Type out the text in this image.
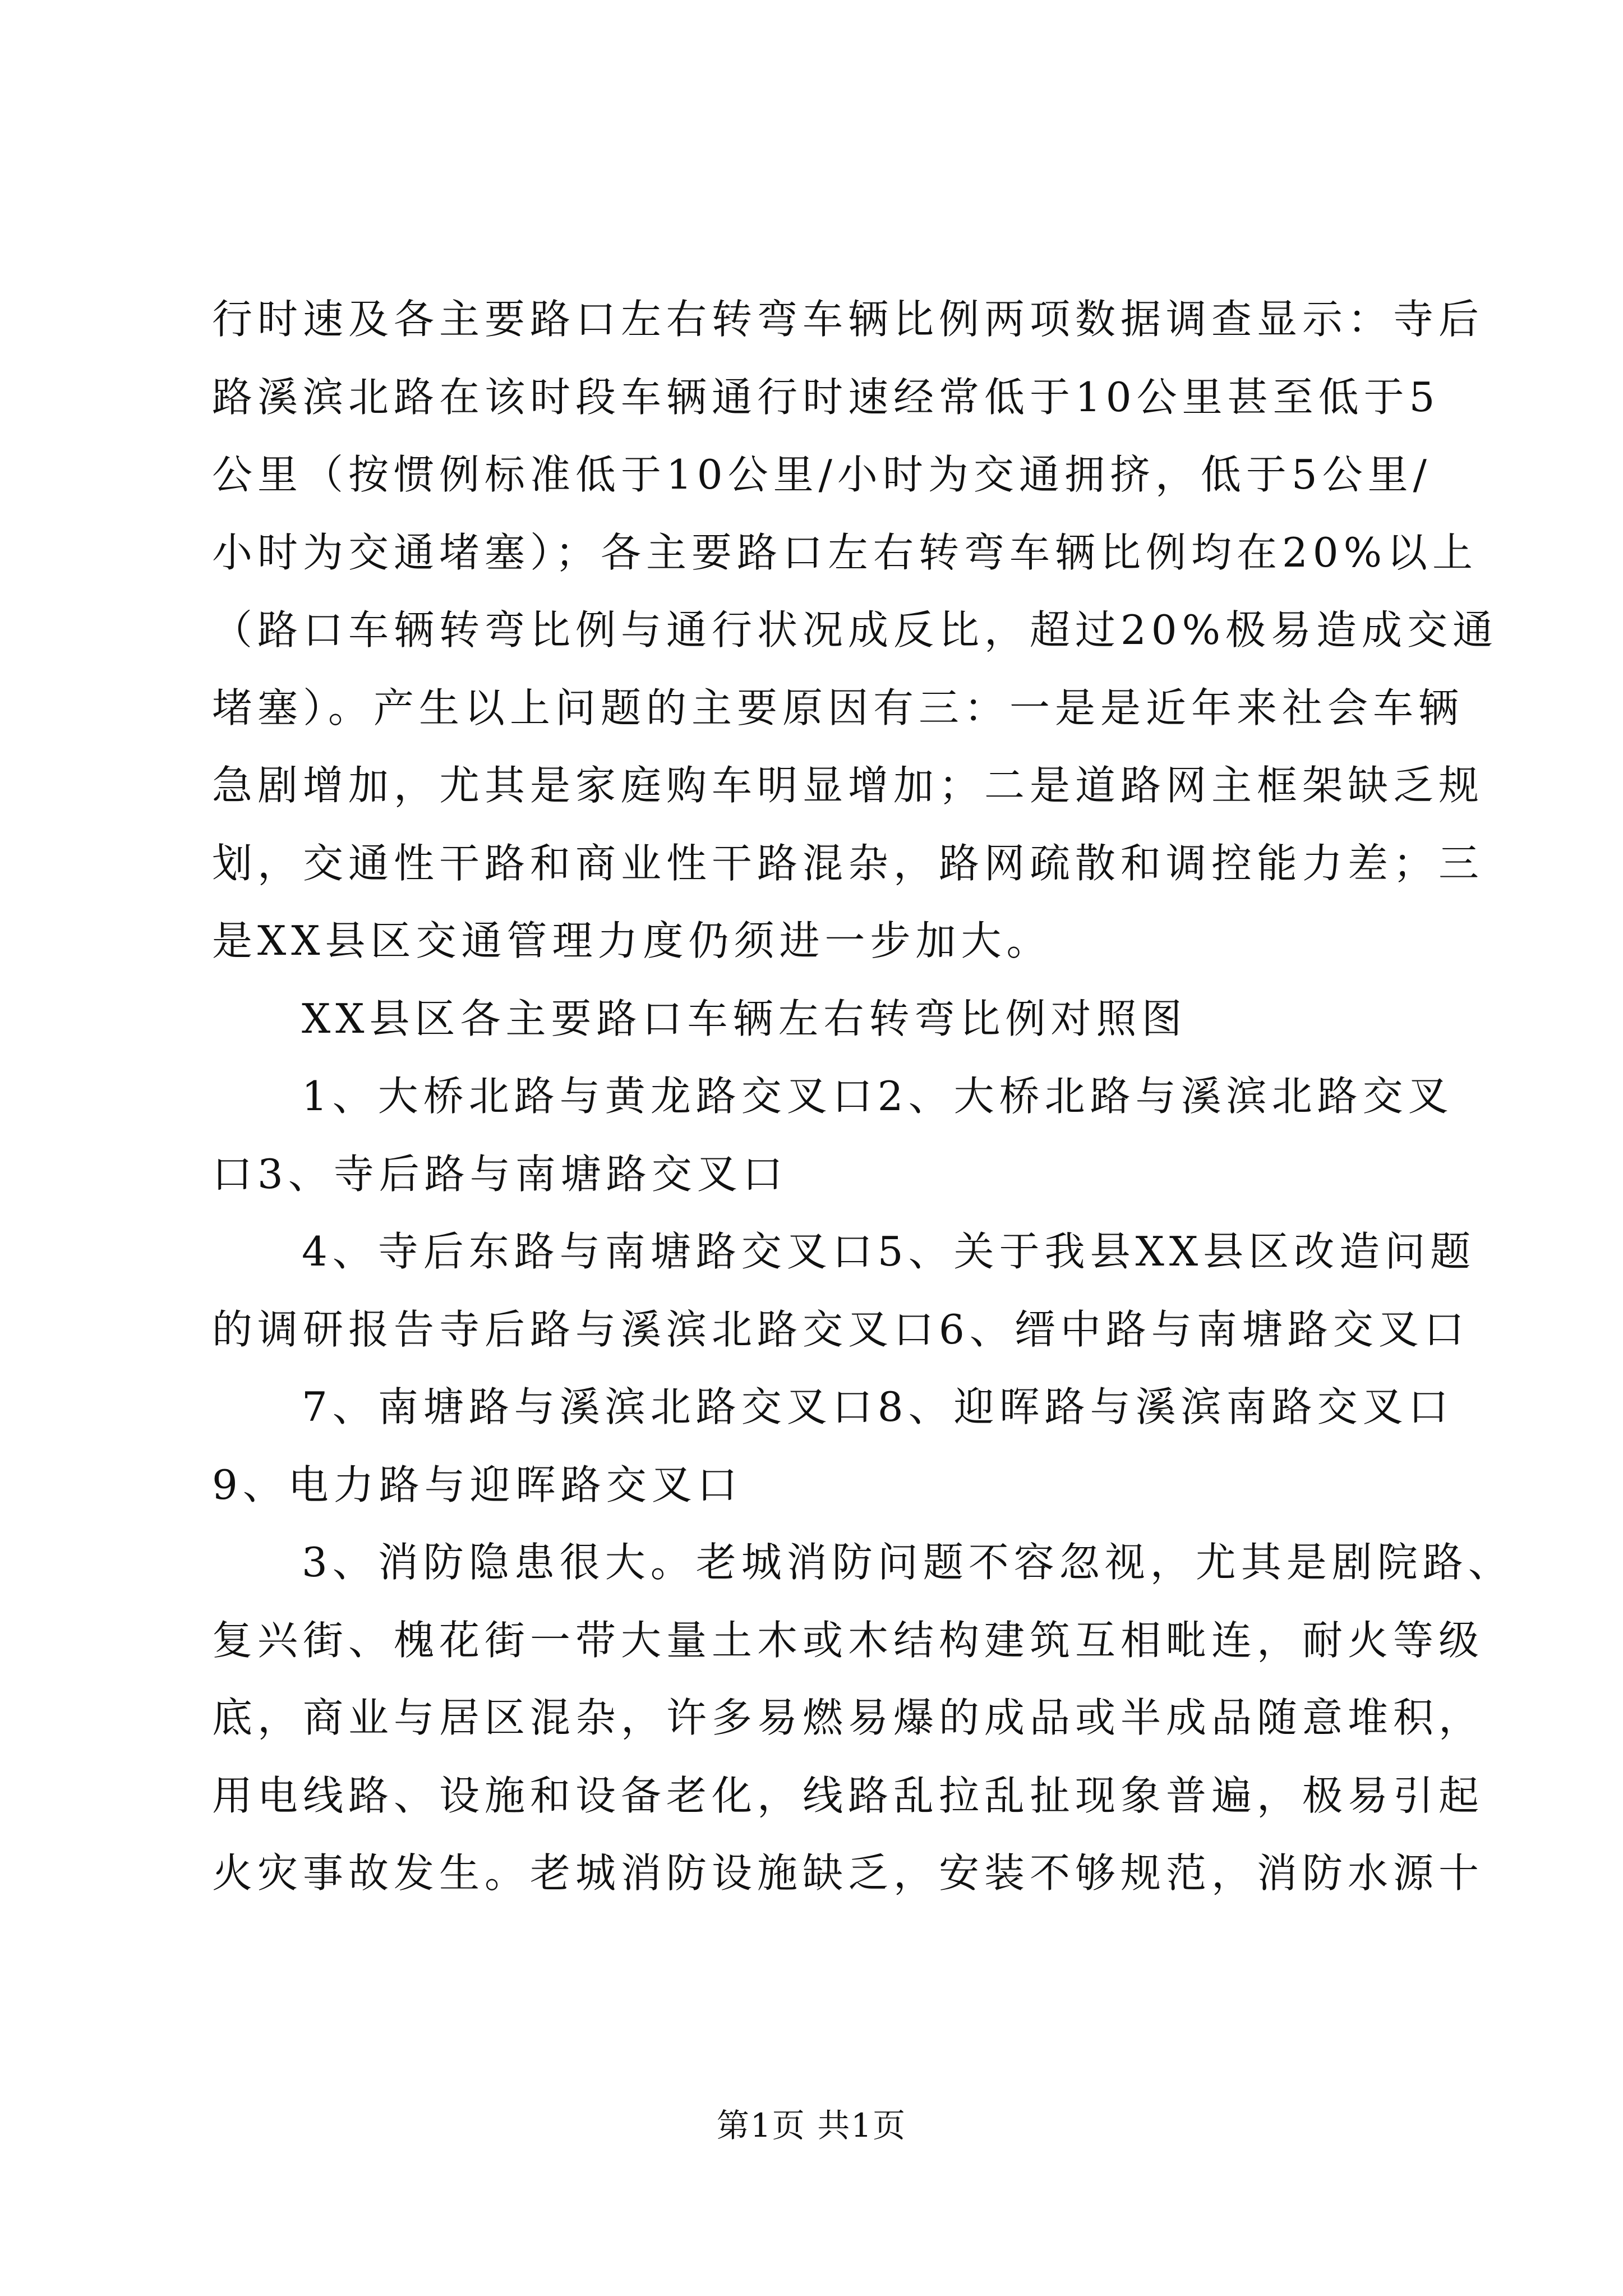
行时速及各主要路口左右转弯车辆比例两项数据调查显示：寺后
路溪滨北路在该时段车辆通行时速经常低于10公里甚至低于5
公里（按惯例标准低于10公里/小时为交通拥挤，低于5公里/
小时为交通堵塞）；各主要路口左右转弯车辆比例均在20%以上
（路口车辆转弯比例与通行状况成反比，超过20%极易造成交通
堵塞）。产生以上问题的主要原因有三：一是是近年来社会车辆
急剧增加，尤其是家庭购车明显增加；二是道路网主框架缺乏规
划，交通性干路和商业性干路混杂，路网疏散和调控能力差；三
是XX县区交通管理力度仍须进一步加大。

XX县区各主要路口车辆左右转弯比例对照图

1、大桥北路与黄龙路交叉口2、大桥北路与溪滨北路交叉
口3、寺后路与南塘路交叉口

4、寺后东路与南塘路交叉口5、关于我县XX县区改造问题
的调研报告寺后路与溪滨北路交叉口6、缙中路与南塘路交叉口

7、南塘路与溪滨北路交叉口8、迎晖路与溪滨南路交叉口
9、电力路与迎晖路交叉口

3、消防隐患很大。老城消防问题不容忽视，尤其是剧院路、
复兴街、槐花街一带大量土木或木结构建筑互相毗连，耐火等级
底，商业与居区混杂，许多易燃易爆的成品或半成品随意堆积，
用电线路、设施和设备老化，线路乱拉乱扯现象普遍，极易引起
火灾事故发生。老城消防设施缺乏，安装不够规范，消防水源十

第1页 共1页
